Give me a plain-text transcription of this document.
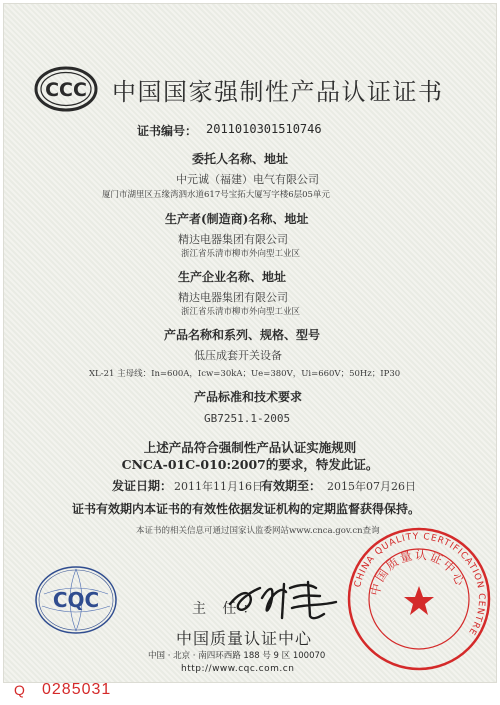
CCC 中国国家强制性产品认证证书
证书编号： 2011010301510746
委托人名称、地址
中元诚（福建）电气有限公司
厦门市湖里区五缘湾泗水道617号宝拓大厦写字楼6层05单元
生产者(制造商)名称、地址
精达电器集团有限公司
浙江省乐清市柳市外向型工业区
生产企业名称、地址
精达电器集团有限公司
浙江省乐清市柳市外向型工业区
产品名称和系列、规格、型号
低压成套开关设备
XL-21 主母线：In=600A，Icw=30kA；Ue=380V，Ui=660V；50Hz；IP30
产品标准和技术要求
GB7251.1-2005
上述产品符合强制性产品认证实施规则
CNCA-01C-010:2007的要求，特发此证。
发证日期： 2011年11月16日
有效期至： 2015年07月26日
证书有效期内本证书的有效性依据发证机构的定期监督获得保持。
本证书的相关信息可通过国家认监委网站www.cnca.gov.cn查询
CQC
CHINA QUALITY CERTIFICATION CENTRE
中国质量认证中心
主 任：
中国质量认证中心
中国 · 北京 · 南四环西路 188 号 9 区 100070
http://www.cqc.com.cn
Q 0285031
